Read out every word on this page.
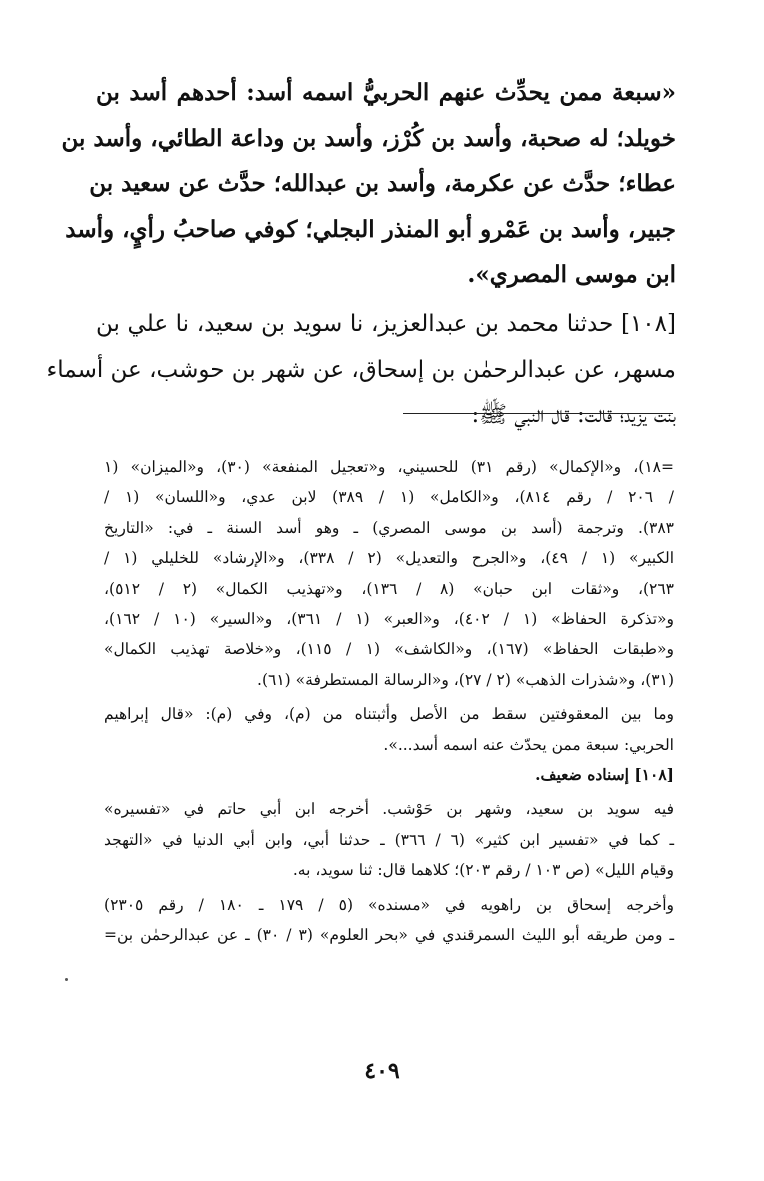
«سبعة ممن يحدِّث عنهم الحربيُّ اسمه أسد: أحدهم أسد بن
خويلد؛ له صحبة، وأسد بن كُرْز، وأسد بن وداعة الطائي، وأسد بن
عطاء؛ حدَّث عن عكرمة، وأسد بن عبدالله؛ حدَّث عن سعيد بن
جبير، وأسد بن عَمْرو أبو المنذر البجلي؛ كوفي صاحبُ رأيٍ، وأسد
ابن موسى المصري».

[١٠٨] حدثنا محمد بن عبدالعزيز، نا سويد بن سعيد، نا علي بن
مسهر، عن عبدالرحمٰن بن إسحاق، عن شهر بن حوشب، عن أسماء
بنت يزيد؛ قالت: قال النبي ﷺ:

=١٨)، و«الإكمال» (رقم ٣١) للحسيني، و«تعجيل المنفعة» (٣٠)، و«الميزان» (١
/ ٢٠٦ / رقم ٨١٤)، و«الكامل» (١ / ٣٨٩) لابن عدي، و«اللسان» (١ /
٣٨٣). وترجمة (أسد بن موسى المصري) ـ وهو أسد السنة ـ في: «التاريخ
الكبير» (١ / ٤٩)، و«الجرح والتعديل» (٢ / ٣٣٨)، و«الإرشاد» للخليلي (١ /
٢٦٣)، و«ثقات ابن حبان» (٨ / ١٣٦)، و«تهذيب الكمال» (٢ / ٥١٢)،
و«تذكرة الحفاظ» (١ / ٤٠٢)، و«العبر» (١ / ٣٦١)، و«السير» (١٠ / ١٦٢)،
و«طبقات الحفاظ» (١٦٧)، و«الكاشف» (١ / ١١٥)، و«خلاصة تهذيب الكمال»
(٣١)، و«شذرات الذهب» (٢ / ٢٧)، و«الرسالة المستطرفة» (٦١).
وما بين المعقوفتين سقط من الأصل وأثبتناه من (م)، وفي (م): «قال إبراهيم
الحربي: سبعة ممن يحدّث عنه اسمه أسد...».
[١٠٨] إسناده ضعيف.
فيه سويد بن سعيد، وشهر بن حَوْشب. أخرجه ابن أبي حاتم في «تفسيره»
ـ كما في «تفسير ابن كثير» (٦ / ٣٦٦) ـ حدثنا أبي، وابن أبي الدنيا في «التهجد
وقيام الليل» (ص ١٠٣ / رقم ٢٠٣)؛ كلاهما قال: ثنا سويد، به.
وأخرجه إسحاق بن راهويه في «مسنده» (٥ / ١٧٩ ـ ١٨٠ / رقم ٢٣٠٥)
ـ ومن طريقه أبو الليث السمرقندي في «بحر العلوم» (٣ / ٣٠) ـ عن عبدالرحمٰن بن=
٤٠٩
